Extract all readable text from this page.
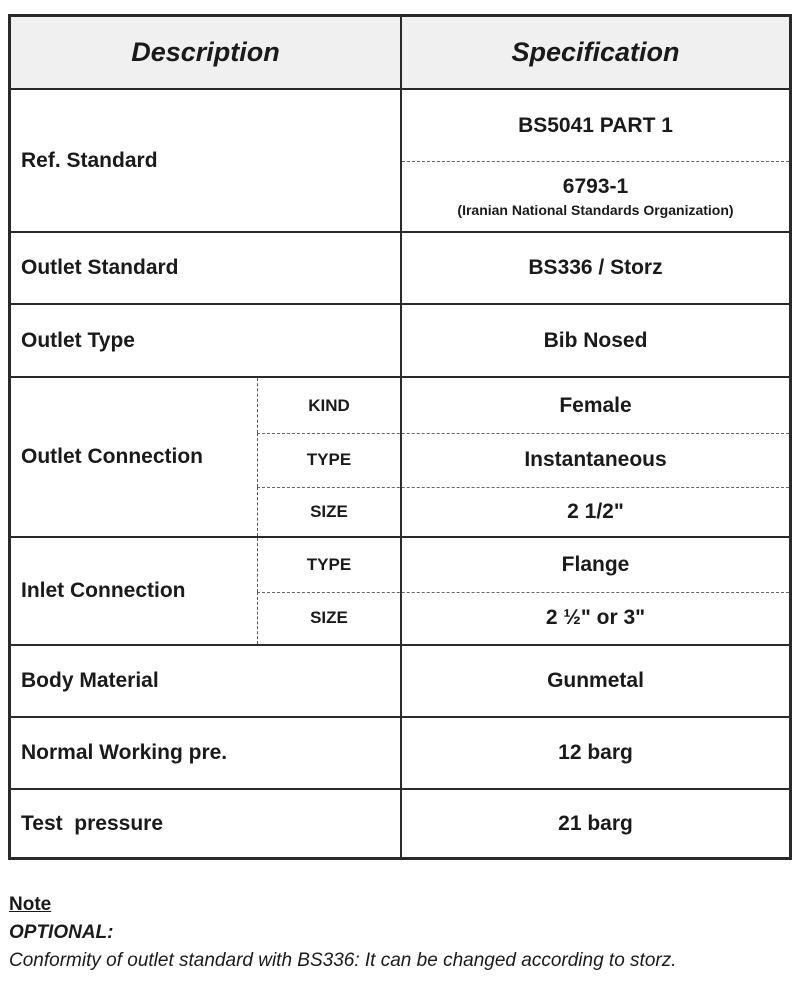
Description	Specification
Ref. Standard
BS5041 PART 1
6793-1
(Iranian National Standards Organization)
Outlet Standard	BS336 / Storz
Outlet Type	Bib Nosed
Outlet Connection
KIND	Female
TYPE	Instantaneous
SIZE	2 1/2"
Inlet Connection
TYPE	Flange
SIZE	2 ½" or 3"
Body Material	Gunmetal
Normal Working pre.	12 barg
Test  pressure	21 barg
Note
OPTIONAL:
Conformity of outlet standard with BS336: It can be changed according to storz.
